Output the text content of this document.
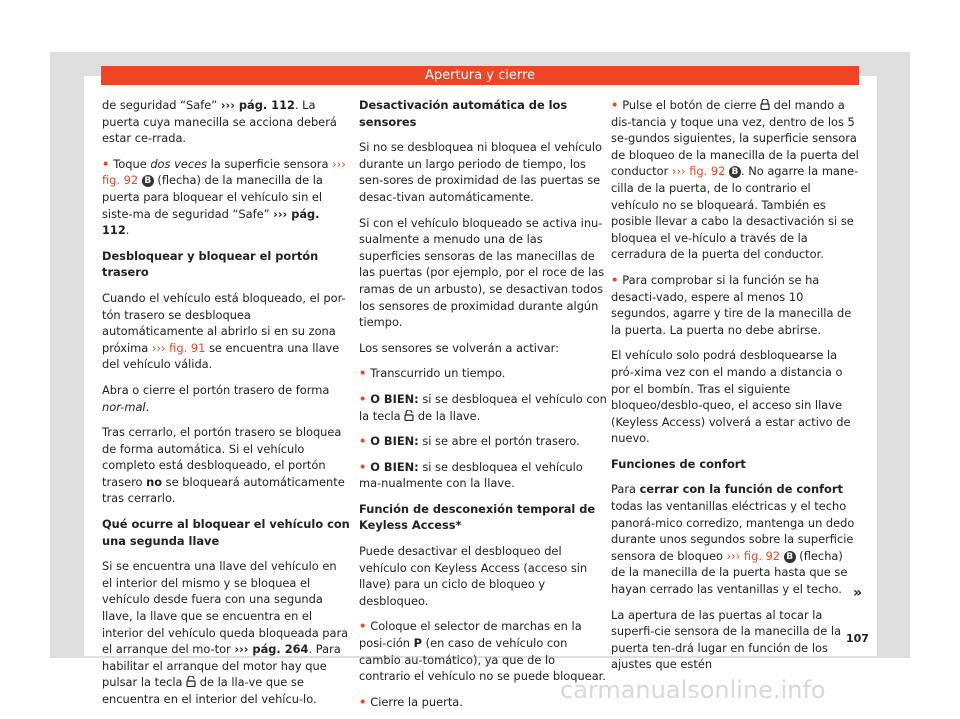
Apertura y cierre

de seguridad “Safe” ››› pág. 112. La puerta cuya manecilla se acciona deberá estar ce-rrada.

• Toque dos veces la superficie sensora ››› fig. 92 B (flecha) de la manecilla de la puerta para bloquear el vehículo sin el siste-ma de seguridad “Safe” ››› pág. 112.

Desbloquear y bloquear el portón trasero

Cuando el vehículo está bloqueado, el por-tón trasero se desbloquea automáticamente al abrirlo si en su zona próxima ››› fig. 91 se encuentra una llave del vehículo válida.

Abra o cierre el portón trasero de forma nor-mal.

Tras cerrarlo, el portón trasero se bloquea de forma automática. Si el vehículo completo está desbloqueado, el portón trasero no se bloqueará automáticamente tras cerrarlo.

Qué ocurre al bloquear el vehículo con una segunda llave

Si se encuentra una llave del vehículo en el interior del mismo y se bloquea el vehículo desde fuera con una segunda llave, la llave que se encuentra en el interior del vehículo queda bloqueada para el arranque del mo-tor ››› pág. 264. Para habilitar el arranque del motor hay que pulsar la tecla  de la lla-ve que se encuentra en el interior del vehícu-lo.

Desactivación automática de los sensores

Si no se desbloquea ni bloquea el vehículo durante un largo periodo de tiempo, los sen-sores de proximidad de las puertas se desac-tivan automáticamente.

Si con el vehículo bloqueado se activa inu-sualmente a menudo una de las superficies sensoras de las manecillas de las puertas (por ejemplo, por el roce de las ramas de un arbusto), se desactivan todos los sensores de proximidad durante algún tiempo.

Los sensores se volverán a activar:

• Transcurrido un tiempo.

• O BIEN: si se desbloquea el vehículo con la tecla  de la llave.

• O BIEN: si se abre el portón trasero.

• O BIEN: si se desbloquea el vehículo ma-nualmente con la llave.

Función de desconexión temporal de Keyless Access*

Puede desactivar el desbloqueo del vehículo con Keyless Access (acceso sin llave) para un ciclo de bloqueo y desbloqueo.

• Coloque el selector de marchas en la posi-ción P (en caso de vehículo con cambio au-tomático), ya que de lo contrario el vehículo no se puede bloquear.

• Cierre la puerta.

• Pulse el botón de cierre  del mando a dis-tancia y toque una vez, dentro de los 5 se-gundos siguientes, la superficie sensora de bloqueo de la manecilla de la puerta del conductor ››› fig. 92 B . No agarre la mane-cilla de la puerta, de lo contrario el vehículo no se bloqueará. También es posible llevar a cabo la desactivación si se bloquea el ve-hículo a través de la cerradura de la puerta del conductor.

• Para comprobar si la función se ha desacti-vado, espere al menos 10 segundos, agarre y tire de la manecilla de la puerta. La puerta no debe abrirse.

El vehículo solo podrá desbloquearse la pró-xima vez con el mando a distancia o por el bombín. Tras el siguiente bloqueo/desblo-queo, el acceso sin llave (Keyless Access) volverá a estar activo de nuevo.

Funciones de confort

Para cerrar con la función de confort todas las ventanillas eléctricas y el techo panorá-mico corredizo, mantenga un dedo durante unos segundos sobre la superficie sensora de bloqueo ››› fig. 92 B (flecha) de la manecilla de la puerta hasta que se hayan cerrado las ventanillas y el techo.

La apertura de las puertas al tocar la superfi-cie sensora de la manecilla de la puerta ten-drá lugar en función de los ajustes que estén

»
107
carmanualsonline.info
